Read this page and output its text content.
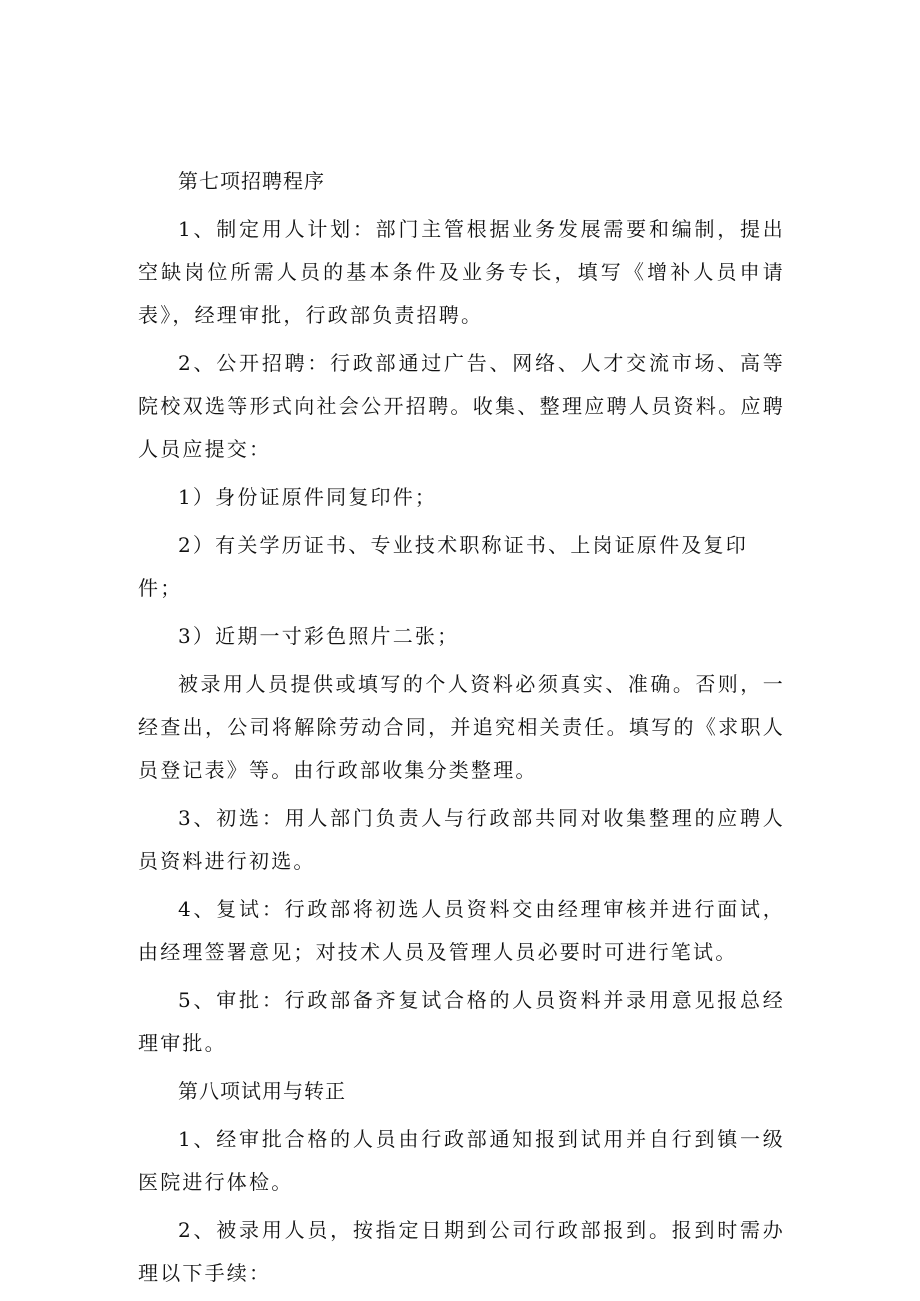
第七项招聘程序

1、制定用人计划：部门主管根据业务发展需要和编制，提出空缺岗位所需人员的基本条件及业务专长，填写《增补人员申请表》，经理审批，行政部负责招聘。

2、公开招聘：行政部通过广告、网络、人才交流市场、高等院校双选等形式向社会公开招聘。收集、整理应聘人员资料。应聘人员应提交：

1）身份证原件同复印件；

2）有关学历证书、专业技术职称证书、上岗证原件及复印件；

3）近期一寸彩色照片二张；

被录用人员提供或填写的个人资料必须真实、准确。否则，一经查出，公司将解除劳动合同，并追究相关责任。填写的《求职人员登记表》等。由行政部收集分类整理。

3、初选：用人部门负责人与行政部共同对收集整理的应聘人员资料进行初选。

4、复试：行政部将初选人员资料交由经理审核并进行面试，由经理签署意见；对技术人员及管理人员必要时可进行笔试。

5、审批：行政部备齐复试合格的人员资料并录用意见报总经理审批。

第八项试用与转正

1、经审批合格的人员由行政部通知报到试用并自行到镇一级医院进行体检。

2、被录用人员，按指定日期到公司行政部报到。报到时需办理以下手续：
